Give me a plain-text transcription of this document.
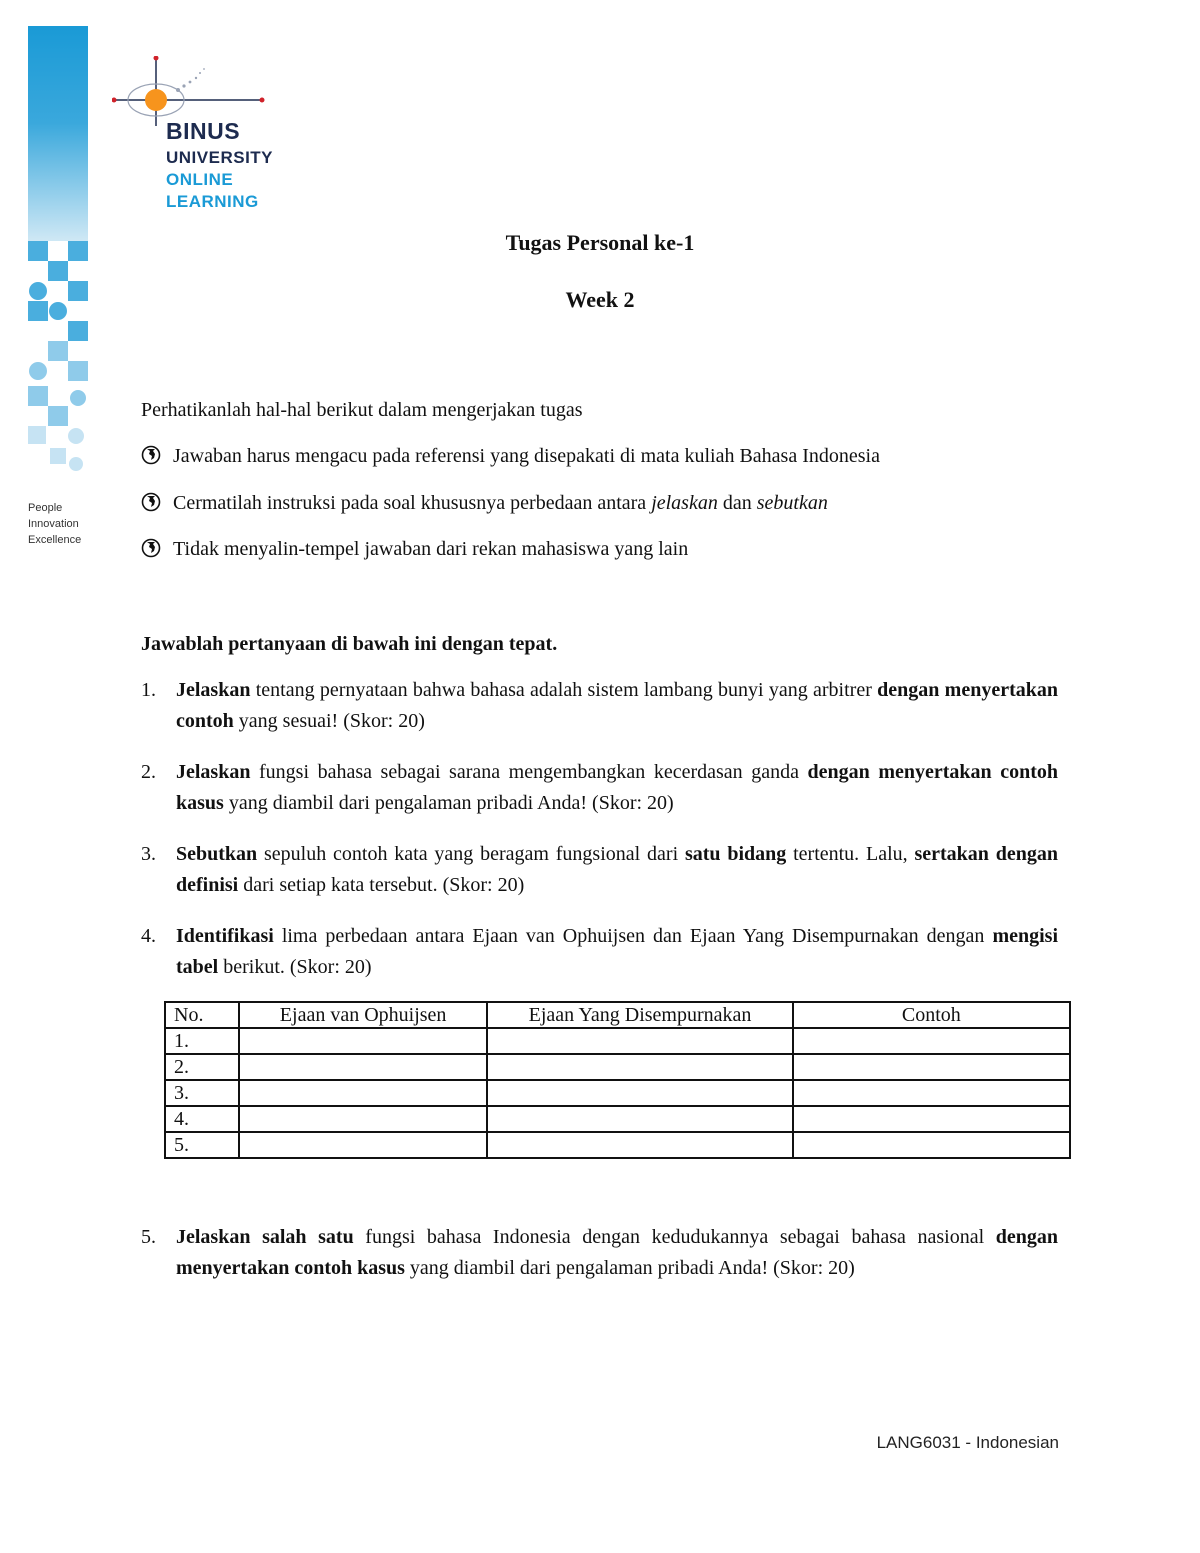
People
Innovation
Excellence
BINUS
UNIVERSITY
ONLINE
LEARNING
Tugas Personal ke-1
Week 2
Perhatikanlah hal-hal berikut dalam mengerjakan tugas
Jawaban harus mengacu pada referensi yang disepakati di mata kuliah Bahasa Indonesia
Cermatilah instruksi pada soal khususnya perbedaan antara jelaskan dan sebutkan
Tidak menyalin-tempel jawaban dari rekan mahasiswa yang lain
Jawablah pertanyaan di bawah ini dengan tepat.
1. Jelaskan tentang pernyataan bahwa bahasa adalah sistem lambang bunyi yang arbitrer dengan menyertakan contoh yang sesuai! (Skor: 20)
2. Jelaskan fungsi bahasa sebagai sarana mengembangkan kecerdasan ganda dengan menyertakan contoh kasus yang diambil dari pengalaman pribadi Anda! (Skor: 20)
3. Sebutkan sepuluh contoh kata yang beragam fungsional dari satu bidang tertentu. Lalu, sertakan dengan definisi dari setiap kata tersebut. (Skor: 20)
4. Identifikasi lima perbedaan antara Ejaan van Ophuijsen dan Ejaan Yang Disempurnakan dengan mengisi tabel berikut. (Skor: 20)
No.	Ejaan van Ophuijsen	Ejaan Yang Disempurnakan	Contoh
1.			
2.			
3.			
4.			
5.			
5. Jelaskan salah satu fungsi bahasa Indonesia dengan kedudukannya sebagai bahasa nasional dengan menyertakan contoh kasus yang diambil dari pengalaman pribadi Anda! (Skor: 20)
LANG6031 - Indonesian
